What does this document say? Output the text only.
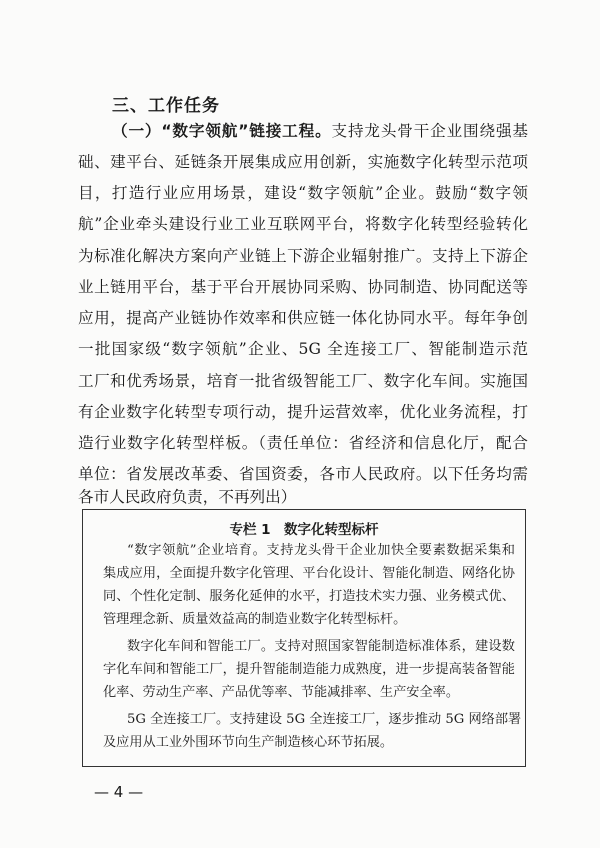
三、工作任务

（一）“数字领航”链接工程。支持龙头骨干企业围绕强基

础、建平台、延链条开展集成应用创新，实施数字化转型示范项

目，打造行业应用场景，建设“数字领航”企业。鼓励“数字领

航”企业牵头建设行业工业互联网平台，将数字化转型经验转化

为标准化解决方案向产业链上下游企业辐射推广。支持上下游企

业上链用平台，基于平台开展协同采购、协同制造、协同配送等

应用，提高产业链协作效率和供应链一体化协同水平。每年争创

一批国家级“数字领航”企业、5G 全连接工厂、智能制造示范

工厂和优秀场景，培育一批省级智能工厂、数字化车间。实施国

有企业数字化转型专项行动，提升运营效率，优化业务流程，打

造行业数字化转型样板。（责任单位：省经济和信息化厅，配合

单位：省发展改革委、省国资委，各市人民政府。以下任务均需

各市人民政府负责，不再列出）

专栏 1　数字化转型标杆

“数字领航”企业培育。支持龙头骨干企业加快全要素数据采集和

集成应用，全面提升数字化管理、平台化设计、智能化制造、网络化协

同、个性化定制、服务化延伸的水平，打造技术实力强、业务模式优、

管理理念新、质量效益高的制造业数字化转型标杆。

数字化车间和智能工厂。支持对照国家智能制造标准体系，建设数

字化车间和智能工厂，提升智能制造能力成熟度，进一步提高装备智能

化率、劳动生产率、产品优等率、节能减排率、生产安全率。

5G 全连接工厂。支持建设 5G 全连接工厂，逐步推动 5G 网络部署

及应用从工业外围环节向生产制造核心环节拓展。

— 4 —
